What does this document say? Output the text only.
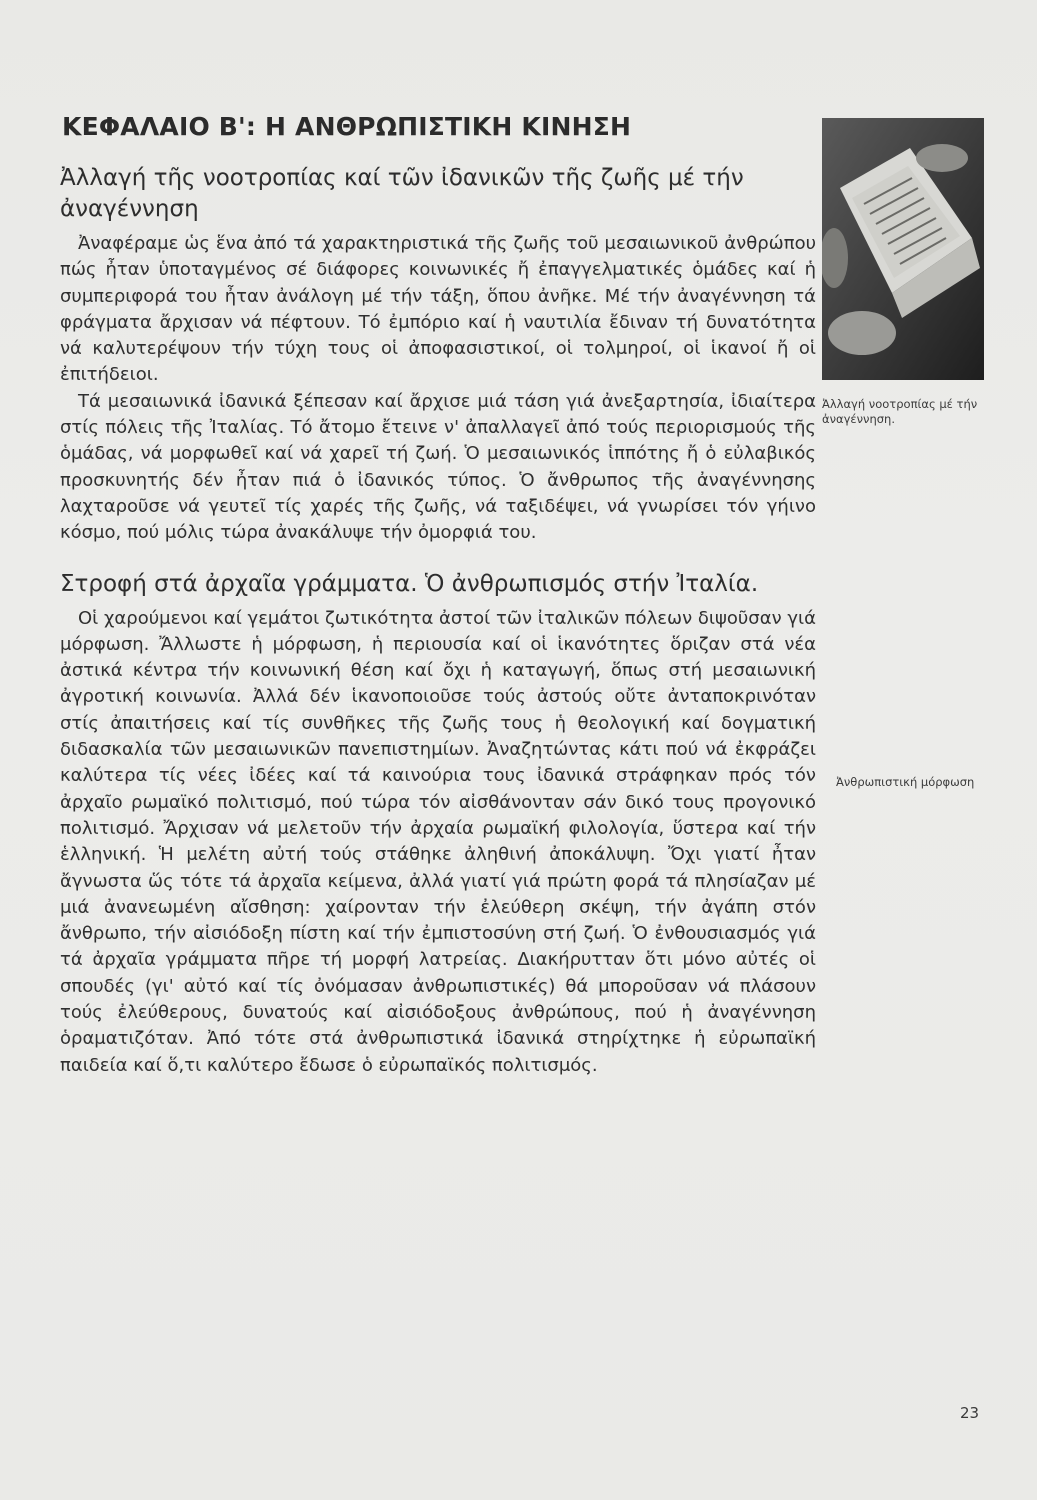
ΚΕΦΑΛΑΙΟ Β': Η ΑΝΘΡΩΠΙΣΤΙΚΗ ΚΙΝΗΣΗ
Ἀλλαγή τῆς νοοτροπίας καί τῶν ἰδανικῶν τῆς ζωῆς μέ τήν ἀναγέννηση

Ἀναφέραμε ὡς ἕνα ἀπό τά χαρακτηριστικά τῆς ζωῆς τοῦ μεσαιωνικοῦ ἀνθρώπου πώς ἦταν ὑποταγμένος σέ διάφορες κοινωνικές ἤ ἐπαγγελματικές ὁμάδες καί ἡ συμπεριφορά του ἦταν ἀνάλογη μέ τήν τάξη, ὅπου ἀνῆκε. Μέ τήν ἀναγέννηση τά φράγματα ἄρχισαν νά πέφτουν. Τό ἐμπόριο καί ἡ ναυτιλία ἔδιναν τή δυνατότητα νά καλυτερέψουν τήν τύχη τους οἱ ἀποφασιστικοί, οἱ τολμηροί, οἱ ἱκανοί ἤ οἱ ἐπιτήδειοι.

Τά μεσαιωνικά ἰδανικά ξέπεσαν καί ἄρχισε μιά τάση γιά ἀνεξαρτησία, ἰδιαίτερα στίς πόλεις τῆς Ἰταλίας. Τό ἄτομο ἔτεινε ν' ἀπαλλαγεῖ ἀπό τούς περιορισμούς τῆς ὁμάδας, νά μορφωθεῖ καί νά χαρεῖ τή ζωή. Ὁ μεσαιωνικός ἱππότης ἤ ὁ εὐλαβικός προσκυνητής δέν ἦταν πιά ὁ ἰδανικός τύπος. Ὁ ἄνθρωπος τῆς ἀναγέννησης λαχταροῦσε νά γευτεῖ τίς χαρές τῆς ζωῆς, νά ταξιδέψει, νά γνωρίσει τόν γήινο κόσμο, πού μόλις τώρα ἀνακάλυψε τήν ὀμορφιά του.

Στροφή στά ἀρχαῖα γράμματα. Ὁ ἀνθρωπισμός στήν Ἰταλία.

Οἱ χαρούμενοι καί γεμάτοι ζωτικότητα ἀστοί τῶν ἰταλικῶν πόλεων διψοῦσαν γιά μόρφωση. Ἄλλωστε ἡ μόρφωση, ἡ περιουσία καί οἱ ἱκανότητες ὅριζαν στά νέα ἀστικά κέντρα τήν κοινωνική θέση καί ὄχι ἡ καταγωγή, ὅπως στή μεσαιωνική ἀγροτική κοινωνία. Ἀλλά δέν ἱκανοποιοῦσε τούς ἀστούς οὔτε ἀνταποκρινόταν στίς ἀπαιτήσεις καί τίς συνθῆκες τῆς ζωῆς τους ἡ θεολογική καί δογματική διδασκαλία τῶν μεσαιωνικῶν πανεπιστημίων. Ἀναζητώντας κάτι πού νά ἐκφράζει καλύτερα τίς νέες ἰδέες καί τά καινούρια τους ἰδανικά στράφηκαν πρός τόν ἀρχαῖο ρωμαϊκό πολιτισμό, πού τώρα τόν αἰσθάνονταν σάν δικό τους προγονικό πολιτισμό. Ἄρχισαν νά μελετοῦν τήν ἀρχαία ρωμαϊκή φιλολογία, ὕστερα καί τήν ἑλληνική. Ἡ μελέτη αὐτή τούς στάθηκε ἀληθινή ἀποκάλυψη. Ὄχι γιατί ἦταν ἄγνωστα ὥς τότε τά ἀρχαῖα κείμενα, ἀλλά γιατί γιά πρώτη φορά τά πλησίαζαν μέ μιά ἀνανεωμένη αἴσθηση: χαίρονταν τήν ἐλεύθερη σκέψη, τήν ἀγάπη στόν ἄνθρωπο, τήν αἰσιόδοξη πίστη καί τήν ἐμπιστοσύνη στή ζωή. Ὁ ἐνθουσιασμός γιά τά ἀρχαῖα γράμματα πῆρε τή μορφή λατρείας. Διακήρυτταν ὅτι μόνο αὐτές οἱ σπουδές (γι' αὐτό καί τίς ὀνόμασαν ἀνθρωπιστικές) θά μποροῦσαν νά πλάσουν τούς ἐλεύθερους, δυνατούς καί αἰσιόδοξους ἀνθρώπους, πού ἡ ἀναγέννηση ὁραματιζόταν. Ἀπό τότε στά ἀνθρωπιστικά ἰδανικά στηρίχτηκε ἡ εὐρωπαϊκή παιδεία καί ὅ,τι καλύτερο ἔδωσε ὁ εὐρωπαϊκός πολιτισμός.

Ἀλλαγή νοοτροπίας μέ τήν ἀναγέννηση.
Ἀνθρωπιστική μόρφωση
23
